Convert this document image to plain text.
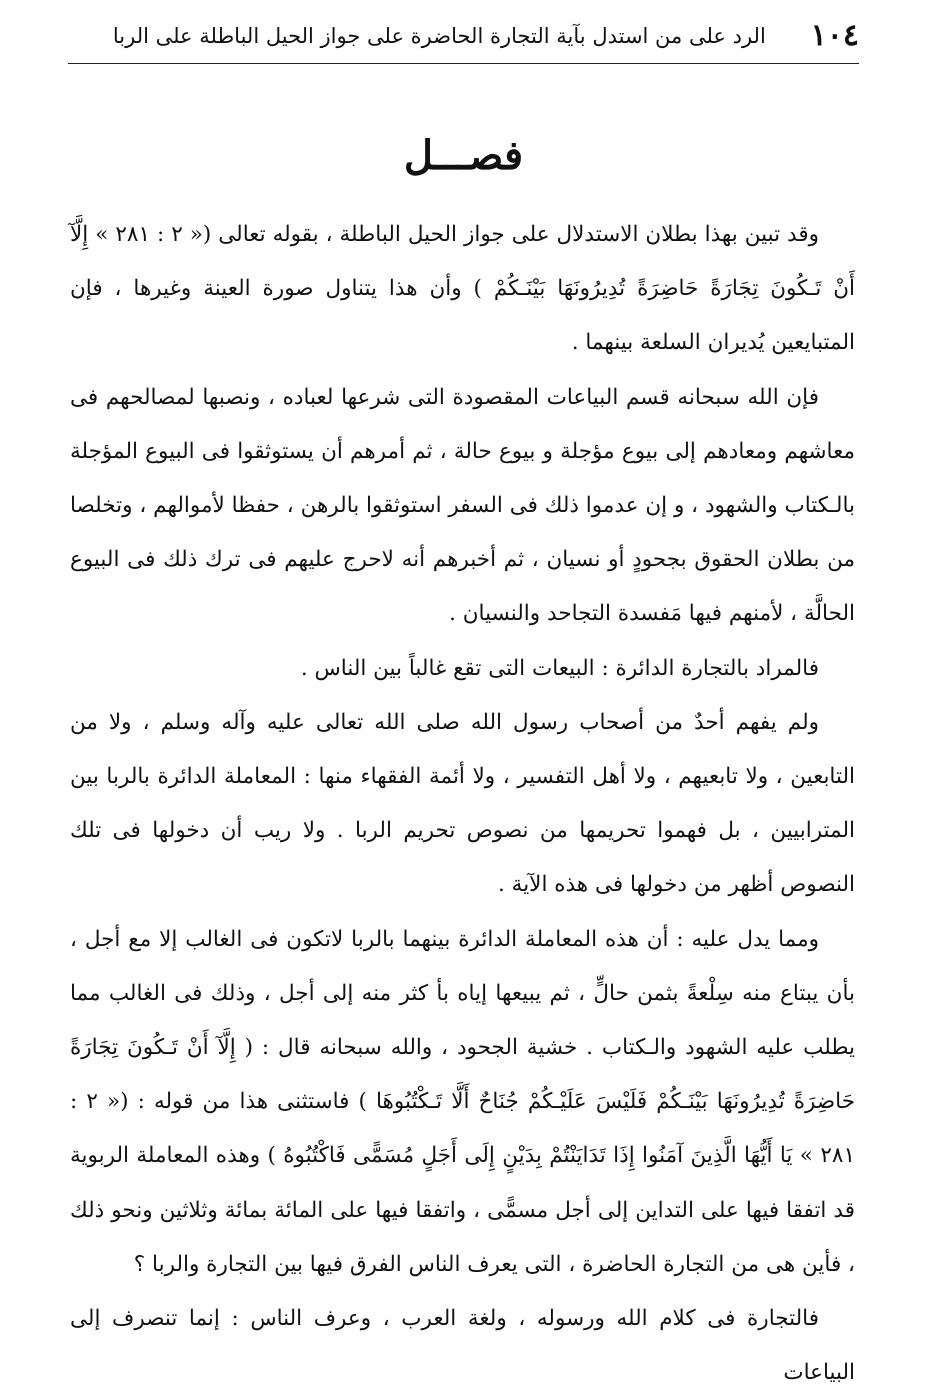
١٠٤
الرد على من استدل بآية التجارة الحاضرة على جواز الحيل الباطلة على الربا
فصـــل

وقد تبين بهذا بطلان الاستدلال على جواز الحيل الباطلة ، بقوله تعالى (« ٢ : ٢٨١ » إِلَّآ أَنْ تَـكُونَ تِجَارَةً حَاضِرَةً تُدِيرُونَهَا بَيْنَـكُمْ ) وأن هذا يتناول صورة العينة وغيرها ، فإن المتبايعين يُديران السلعة بينهما .

فإن الله سبحانه قسم البياعات المقصودة التى شرعها لعباده ، ونصبها لمصالحهم فى معاشهم ومعادهم إلى بيوع مؤجلة و بيوع حالة ، ثم أمرهم أن يستوثقوا فى البيوع المؤجلة بالـكتاب والشهود ، و إن عدموا ذلك فى السفر استوثقوا بالرهن ، حفظا لأموالهم ، وتخلصا من بطلان الحقوق بجحودٍ أو نسيان ، ثم أخبرهم أنه لاحرج عليهم فى ترك ذلك فى البيوع الحالَّة ، لأمنهم فيها مَفسدة التجاحد والنسيان .

فالمراد بالتجارة الدائرة : البيعات التى تقع غالباً بين الناس .

ولم يفهم أحدٌ من أصحاب رسول الله صلى الله تعالى عليه وآله وسلم ، ولا من التابعين ، ولا تابعيهم ، ولا أهل التفسير ، ولا أئمة الفقهاء منها : المعاملة الدائرة بالربا بين المترابيين ، بل فهموا تحريمها من نصوص تحريم الربا . ولا ريب أن دخولها فى تلك النصوص أظهر من دخولها فى هذه الآية .

ومما يدل عليه : أن هذه المعاملة الدائرة بينهما بالربا لاتكون فى الغالب إلا مع أجل ، بأن يبتاع منه سِلْعةً بثمن حالٍّ ، ثم يبيعها إياه بأ كثر منه إلى أجل ، وذلك فى الغالب مما يطلب عليه الشهود والـكتاب . خشية الجحود ، والله سبحانه قال : ( إِلَّآ أَنْ تَـكُونَ تِجَارَةً حَاضِرَةً تُدِيرُونَهَا بَيْنَـكُمْ فَلَيْسَ عَلَيْـكُمْ جُنَاحٌ أَلَّا تَـكْتُبُوهَا ) فاستثنى هذا من قوله : (« ٢ : ٢٨١ » يَا أَيُّهَا الَّذِينَ آمَنُوا إِذَا تَدَايَنْتُمْ بِدَيْنٍ إِلَى أَجَلٍ مُسَمًّى فَاكْتُبُوهُ ) وهذه المعاملة الربوية قد اتفقا فيها على التداين إلى أجل مسمًّى ، واتفقا فيها على المائة بمائة وثلاثين ونحو ذلك ، فأين هى من التجارة الحاضرة ، التى يعرف الناس الفرق فيها بين التجارة والربا ؟

فالتجارة فى كلام الله ورسوله ، ولغة العرب ، وعرف الناس : إنما تنصرف إلى البياعات
